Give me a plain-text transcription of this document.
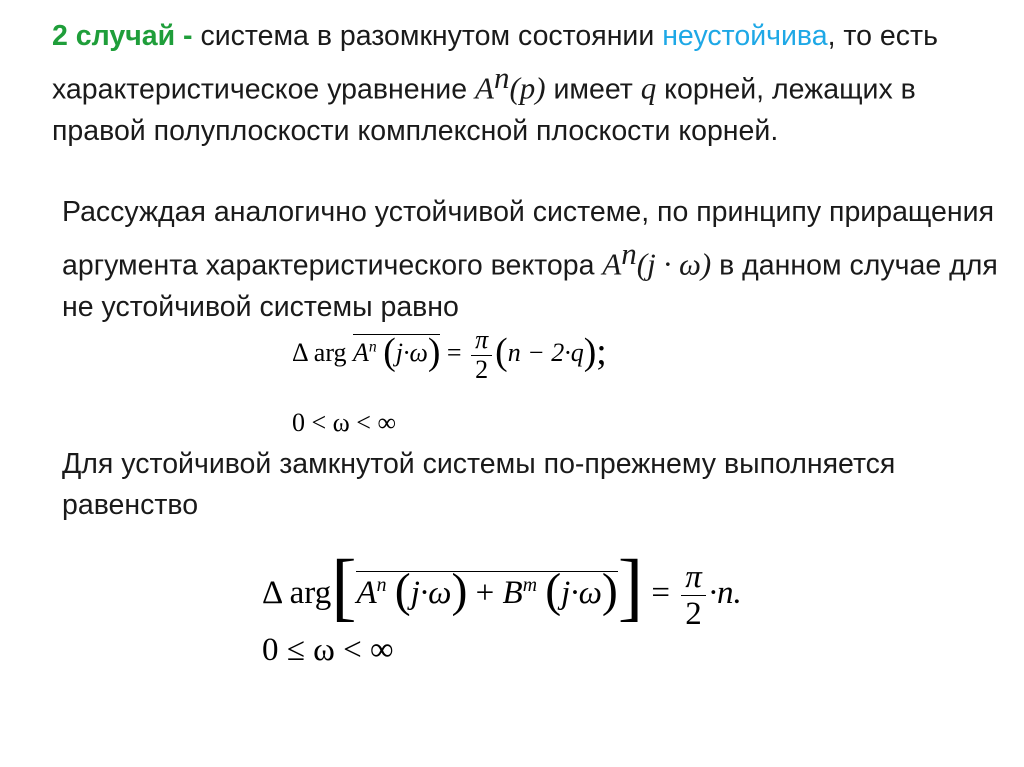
2 случай - система в разомкнутом состоянии неустойчива, то есть характеристическое уравнение $A^n(p)$ имеет q корней, лежащих в правой полуплоскости комплексной плоскости корней.

Рассуждая аналогично устойчивой системе, по принципу приращения аргумента характеристического вектора $A^n(j \cdot \omega)$ в данном случае для не устойчивой системы равно

Δ arg $A^n$ $(j\cdot\omega) = \frac{\pi}{2} (n - 2\cdot q)$;
0 < ω < ∞

Для устойчивой замкнутой системы по-прежнему выполняется равенство

Δ $arg[A^n$ $(j\cdot\omega) + B^m$ $(j\cdot\omega)] = \frac{\pi}{2} \cdot n$.
0 ≤ ω < ∞
